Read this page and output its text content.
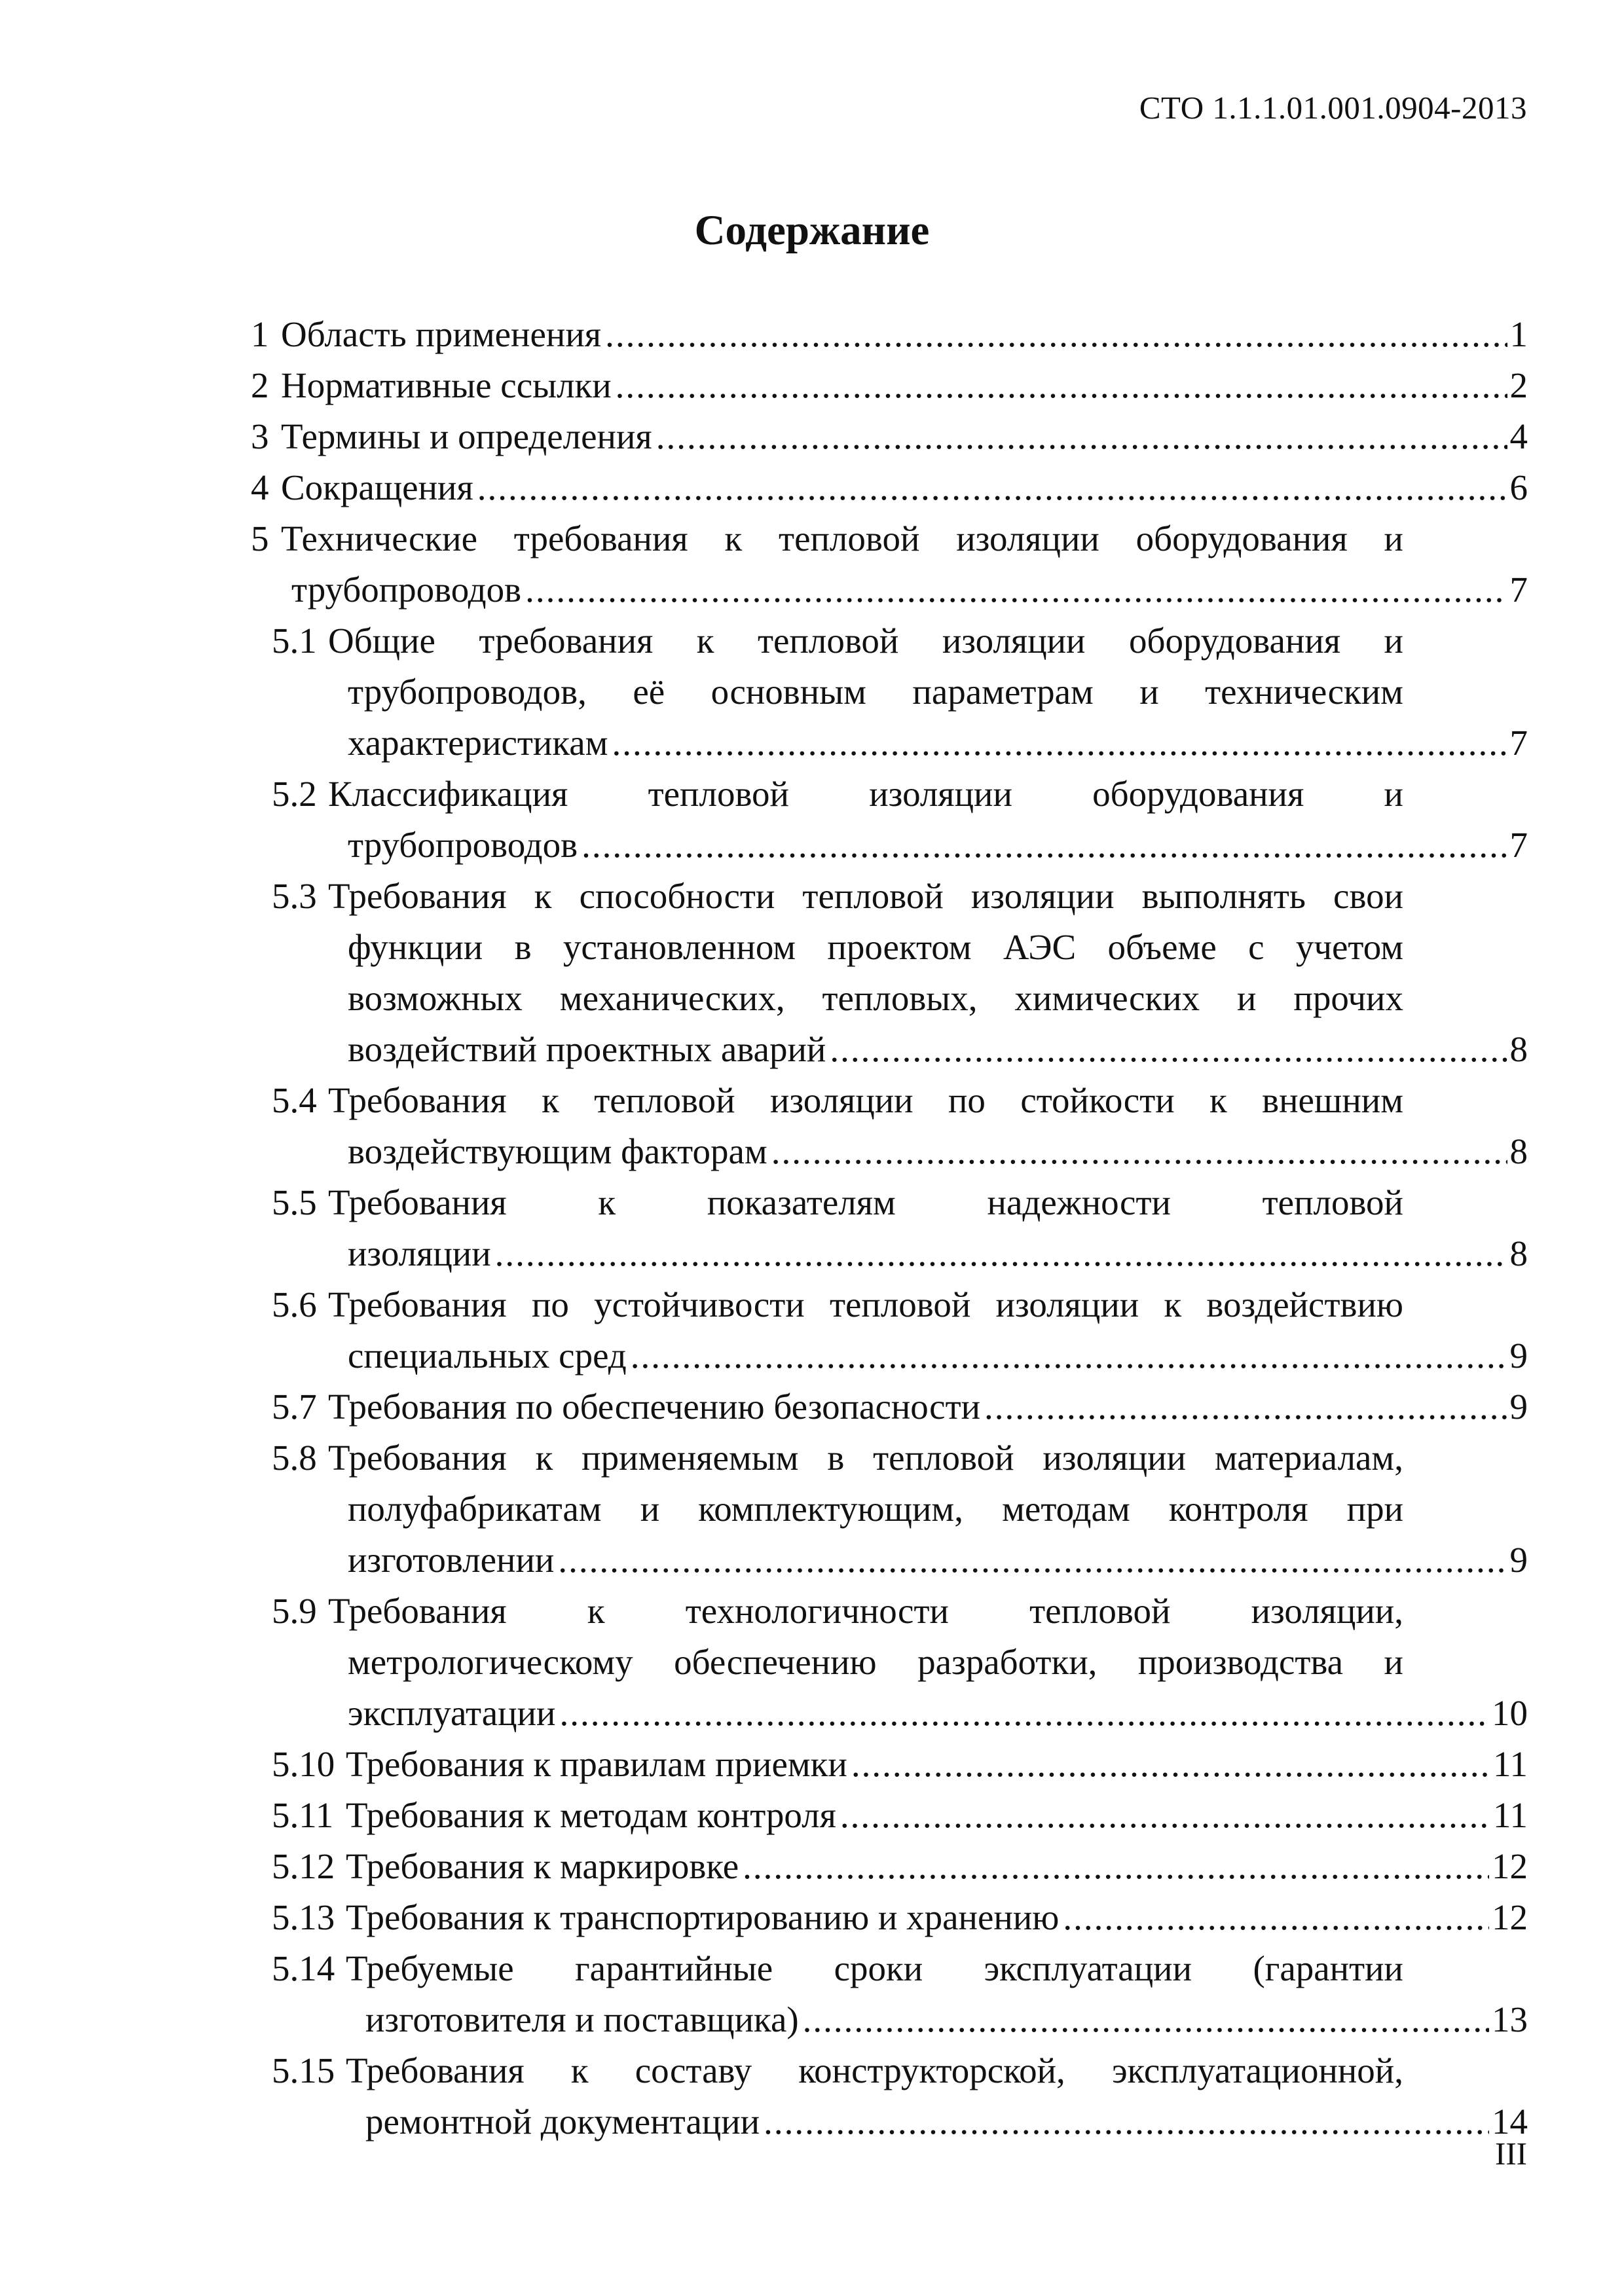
СТО 1.1.1.01.001.0904-2013
Содержание
1 Область применения .....	1
2 Нормативные ссылки .....	2
3 Термины и определения .....	4
4 Сокращения .....	6
5 Технические требования к тепловой изоляции оборудования и
трубопроводов .....	7
5.1 Общие требования к тепловой изоляции оборудования и
трубопроводов, её основным параметрам и техническим
характеристикам .....	7
5.2 Классификация тепловой изоляции оборудования и
трубопроводов .....	7
5.3 Требования к способности тепловой изоляции выполнять свои
функции в установленном проектом АЭС объеме с учетом
возможных механических, тепловых, химических и прочих
воздействий проектных аварий .....	8
5.4 Требования к тепловой изоляции по стойкости к внешним
воздействующим факторам .....	8
5.5 Требования к показателям надежности тепловой
изоляции .....	8
5.6 Требования по устойчивости тепловой изоляции к воздействию
специальных сред .....	9
5.7 Требования по обеспечению безопасности .....	9
5.8 Требования к применяемым в тепловой изоляции материалам,
полуфабрикатам и комплектующим, методам контроля при
изготовлении .....	9
5.9 Требования к технологичности тепловой изоляции,
метрологическому обеспечению разработки, производства и
эксплуатации .....	10
5.10 Требования к правилам приемки .....	11
5.11 Требования к методам контроля .....	11
5.12 Требования к маркировке .....	12
5.13 Требования к транспортированию и хранению .....	12
5.14 Требуемые гарантийные сроки эксплуатации (гарантии
изготовителя и поставщика) .....	13
5.15 Требования к составу конструкторской, эксплуатационной,
ремонтной документации .....	14
III
